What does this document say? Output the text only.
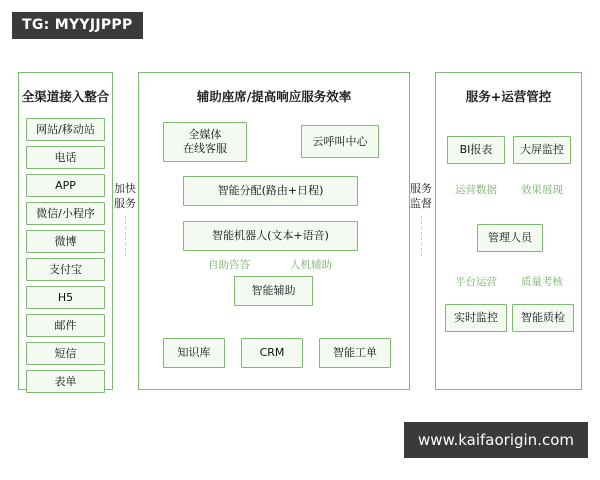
全渠道接入整合
网站/移动站
电话
APP
微信/小程序
微博
支付宝
H5
邮件
短信
表单
加快
服务
辅助座席/提高响应服务效率
全媒体
在线客服
云呼叫中心
智能分配(路由+日程)
智能机器人(文本+语音)
自助咨答	人机辅助
智能辅助
知识库	CRM	智能工单
服务
监督
服务+运营管控
BI报表	大屏监控
运营数据	效果展现
管理人员
平台运营	质量考核
实时监控	智能质检
TG: MYYJJPPP
www.kaifaorigin.com
